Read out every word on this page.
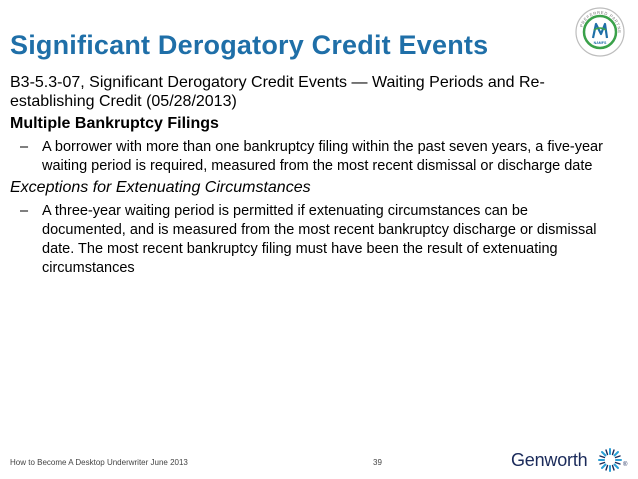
Significant Derogatory Credit Events
PREFERRED PARTNE
NAMFS
B3-5.3-07, Significant Derogatory Credit Events — Waiting Periods and Re-establishing Credit (05/28/2013)
Multiple Bankruptcy Filings
– A borrower with more than one bankruptcy filing within the past seven years, a five-year waiting period is required, measured from the most recent dismissal or discharge date
Exceptions for Extenuating Circumstances
– A three-year waiting period is permitted if extenuating circumstances can be documented, and is measured from the most recent bankruptcy discharge or dismissal date. The most recent bankruptcy filing must have been the result of extenuating circumstances
How to Become A Desktop Underwriter June 2013	39	Genworth	®
